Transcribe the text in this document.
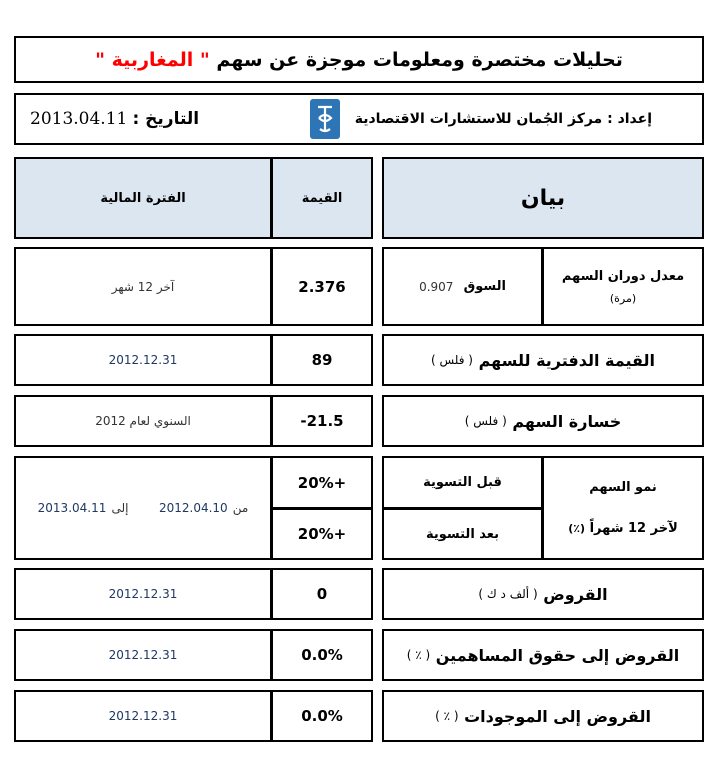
تحليلات مختصرة ومعلومات موجزة عن سهم " المغاربية "
إعداد :

مركز الجُمان للاستشارات الاقتصادية
التاريخ :

2013.04.11
بيان
القيمة
الفترة المالية
معدل دوران السهم
(مرة)
السوق

0.907
2.376
آخر 12 شهر
القيمة الدفترية للسهم

( فلس )
89
2012.12.31
خسارة السهم

( فلس )
21.5-
السنوي لعام 2012
نمو السهم
لآخر 12 شهراً (٪)
قبل التسوية
بعد التسوية
+20%
+20%
من

2012.04.10

إلى

2013.04.11
القروض

( ألف د ك )
0
2012.12.31
القروض إلى حقوق المساهمين

( ٪ )
0.0%
2012.12.31
القروض إلى الموجودات

( ٪ )
0.0%
2012.12.31
